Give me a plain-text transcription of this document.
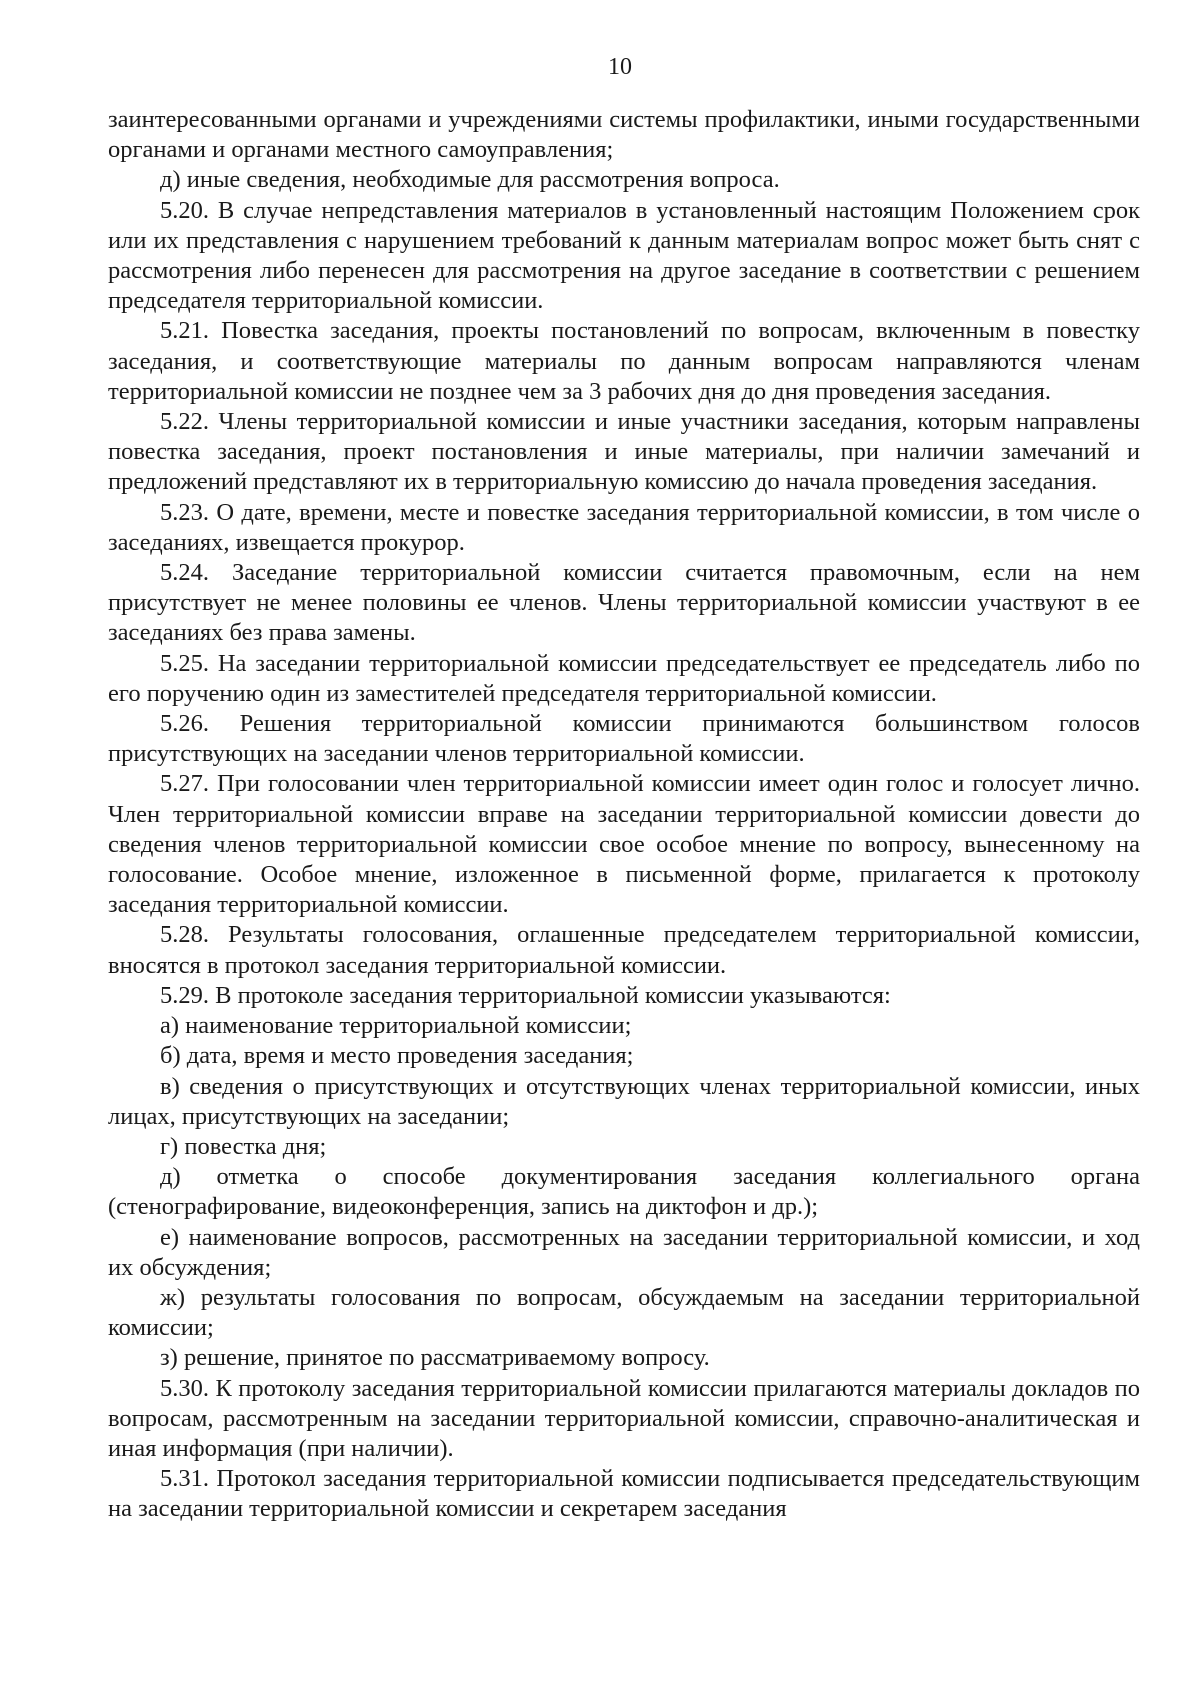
10

заинтересованными органами и учреждениями системы профилактики, иными государственными органами и органами местного самоуправления;

д) иные сведения, необходимые для рассмотрения вопроса.

5.20. В случае непредставления материалов в установленный настоящим Положением срок или их представления с нарушением требований к данным материалам вопрос может быть снят с рассмотрения либо перенесен для рассмотрения на другое заседание в соответствии с решением председателя территориальной комиссии.

5.21. Повестка заседания, проекты постановлений по вопросам, включенным в повестку заседания, и соответствующие материалы по данным вопросам направляются членам территориальной комиссии не позднее чем за 3 рабочих дня до дня проведения заседания.

5.22. Члены территориальной комиссии и иные участники заседания, которым направлены повестка заседания, проект постановления и иные материалы, при наличии замечаний и предложений представляют их в территориальную комиссию до начала проведения заседания.

5.23. О дате, времени, месте и повестке заседания территориальной комиссии, в том числе о заседаниях, извещается прокурор.

5.24. Заседание территориальной комиссии считается правомочным, если на нем присутствует не менее половины ее членов. Члены территориальной комиссии участвуют в ее заседаниях без права замены.

5.25. На заседании территориальной комиссии председательствует ее председатель либо по его поручению один из заместителей председателя территориальной комиссии.

5.26. Решения территориальной комиссии принимаются большинством голосов присутствующих на заседании членов территориальной комиссии.

5.27. При голосовании член территориальной комиссии имеет один голос и голосует лично. Член территориальной комиссии вправе на заседании территориальной комиссии довести до сведения членов территориальной комиссии свое особое мнение по вопросу, вынесенному на голосование. Особое мнение, изложенное в письменной форме, прилагается к протоколу заседания территориальной комиссии.

5.28. Результаты голосования, оглашенные председателем территориальной комиссии, вносятся в протокол заседания территориальной комиссии.

5.29. В протоколе заседания территориальной комиссии указываются:

а) наименование территориальной комиссии;

б) дата, время и место проведения заседания;

в) сведения о присутствующих и отсутствующих членах территориальной комиссии, иных лицах, присутствующих на заседании;

г) повестка дня;

д) отметка о способе документирования заседания коллегиального органа (стенографирование, видеоконференция, запись на диктофон и др.);

е) наименование вопросов, рассмотренных на заседании территориальной комиссии, и ход их обсуждения;

ж) результаты голосования по вопросам, обсуждаемым на заседании территориальной комиссии;

з) решение, принятое по рассматриваемому вопросу.

5.30. К протоколу заседания территориальной комиссии прилагаются материалы докладов по вопросам, рассмотренным на заседании территориальной комиссии, справочно-аналитическая и иная информация (при наличии).

5.31. Протокол заседания территориальной комиссии подписывается председательствующим на заседании территориальной комиссии и секретарем заседания
